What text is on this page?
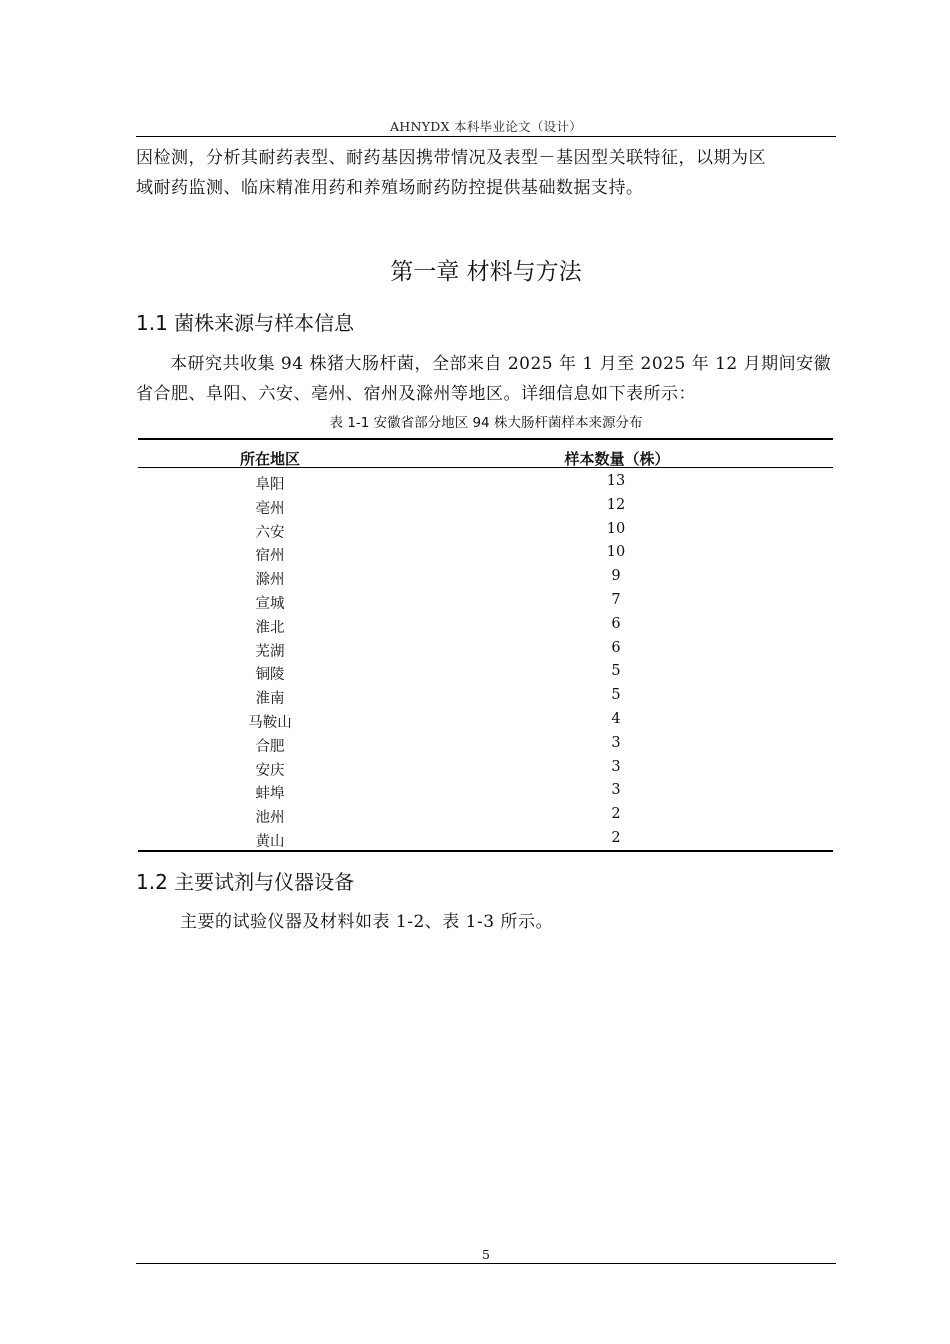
AHNYDX 本科毕业论文（设计）
因检测，分析其耐药表型、耐药基因携带情况及表型－基因型关联特征，以期为区
域耐药监测、临床精准用药和养殖场耐药防控提供基础数据支持。
第一章 材料与方法
1.1 菌株来源与样本信息
本研究共收集 94 株猪大肠杆菌，全部来自 2025 年 1 月至 2025 年 12 月期间安徽
省合肥、阜阳、六安、亳州、宿州及滁州等地区。详细信息如下表所示：
表 1-1 安徽省部分地区 94 株大肠杆菌样本来源分布
所在地区	样本数量（株）
阜阳	13
亳州	12
六安	10
宿州	10
滁州	9
宣城	7
淮北	6
芜湖	6
铜陵	5
淮南	5
马鞍山	4
合肥	3
安庆	3
蚌埠	3
池州	2
黄山	2
1.2 主要试剂与仪器设备
主要的试验仪器及材料如表 1-2、表 1-3 所示。
5
